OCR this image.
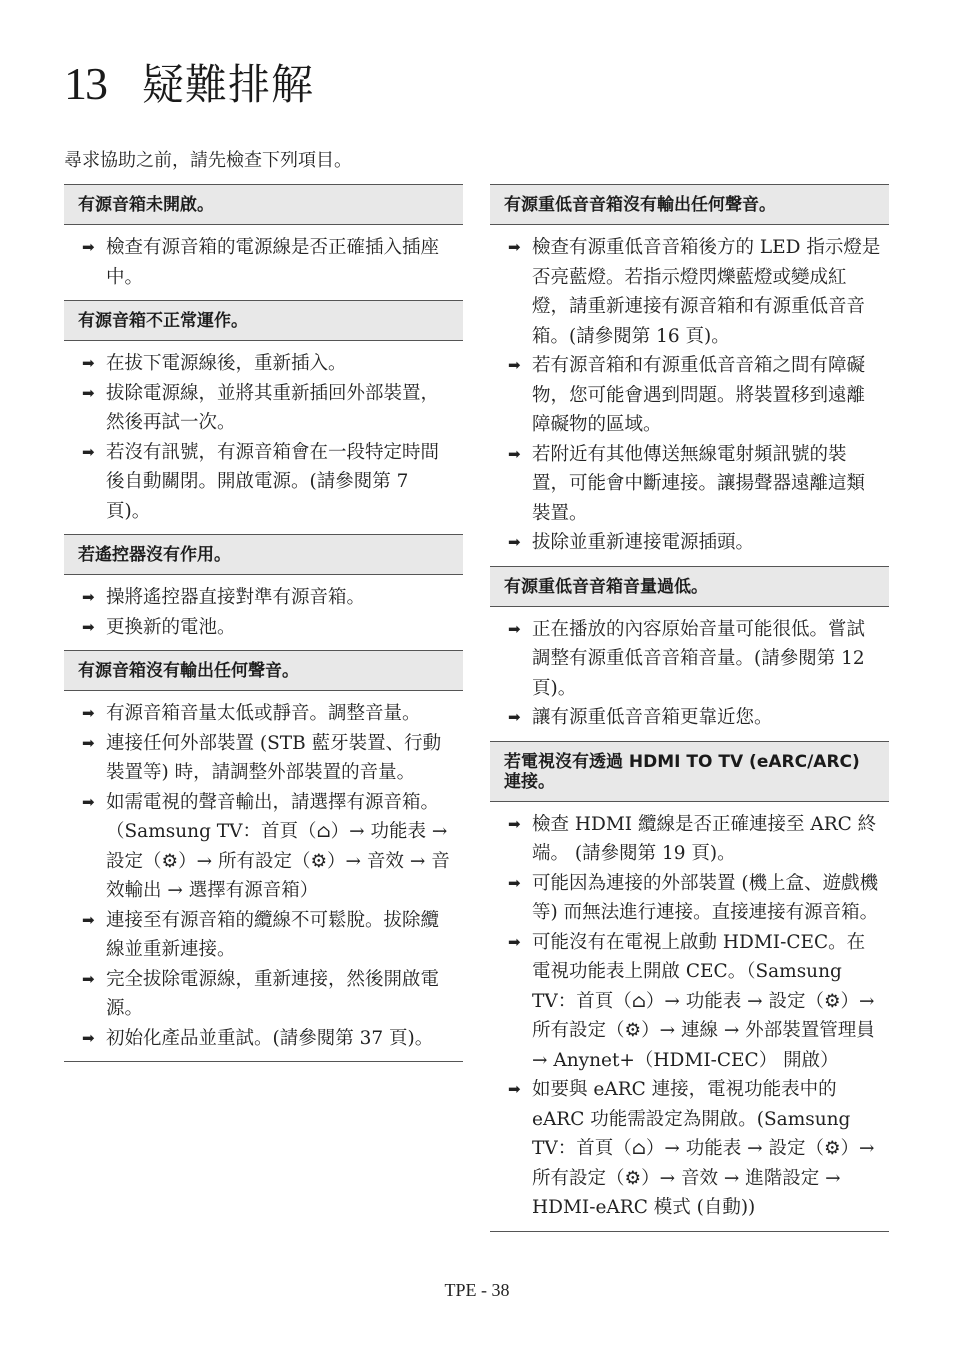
13 疑難排解
尋求協助之前，請先檢查下列項目。
有源音箱未開啟。
➡ 檢查有源音箱的電源線是否正確插入插座中。
有源音箱不正常運作。
➡ 在拔下電源線後，重新插入。
➡ 拔除電源線，並將其重新插回外部裝置，然後再試一次。
➡ 若沒有訊號，有源音箱會在一段特定時間後自動關閉。開啟電源。(請參閱第 7 頁)。
若遙控器沒有作用。
➡ 操將遙控器直接對準有源音箱。
➡ 更換新的電池。
有源音箱沒有輸出任何聲音。
➡ 有源音箱音量太低或靜音。調整音量。
➡ 連接任何外部裝置 (STB 藍牙裝置、行動裝置等) 時，請調整外部裝置的音量。
➡ 如需電視的聲音輸出，請選擇有源音箱。（Samsung TV：首頁（⌂）→ 功能表 → 設定（⚙）→ 所有設定（⚙）→ 音效 → 音效輸出 → 選擇有源音箱）
➡ 連接至有源音箱的纜線不可鬆脫。拔除纜線並重新連接。
➡ 完全拔除電源線，重新連接，然後開啟電源。
➡ 初始化產品並重試。(請參閱第 37 頁)。
有源重低音音箱沒有輸出任何聲音。
➡ 檢查有源重低音音箱後方的 LED 指示燈是否亮藍燈。若指示燈閃爍藍燈或變成紅燈，請重新連接有源音箱和有源重低音音箱。(請參閱第 16 頁)。
➡ 若有源音箱和有源重低音音箱之間有障礙物，您可能會遇到問題。將裝置移到遠離障礙物的區域。
➡ 若附近有其他傳送無線電射頻訊號的裝置，可能會中斷連接。讓揚聲器遠離這類裝置。
➡ 拔除並重新連接電源插頭。
有源重低音音箱音量過低。
➡ 正在播放的內容原始音量可能很低。嘗試調整有源重低音音箱音量。(請參閱第 12 頁)。
➡ 讓有源重低音音箱更靠近您。
若電視沒有透過 HDMI TO TV (eARC/ARC) 連接。
➡ 檢查 HDMI 纜線是否正確連接至 ARC 終端。 (請參閱第 19 頁)。
➡ 可能因為連接的外部裝置 (機上盒、遊戲機等) 而無法進行連接。直接連接有源音箱。
➡ 可能沒有在電視上啟動 HDMI-CEC。在電視功能表上開啟 CEC。（Samsung TV：首頁（⌂）→ 功能表 → 設定（⚙）→ 所有設定（⚙）→ 連線 → 外部裝置管理員 → Anynet+（HDMI-CEC） 開啟）
➡ 如要與 eARC 連接，電視功能表中的 eARC 功能需設定為開啟。(Samsung TV：首頁（⌂）→ 功能表 → 設定（⚙）→ 所有設定（⚙）→ 音效 → 進階設定 → HDMI-eARC 模式 (自動))
TPE - 38
